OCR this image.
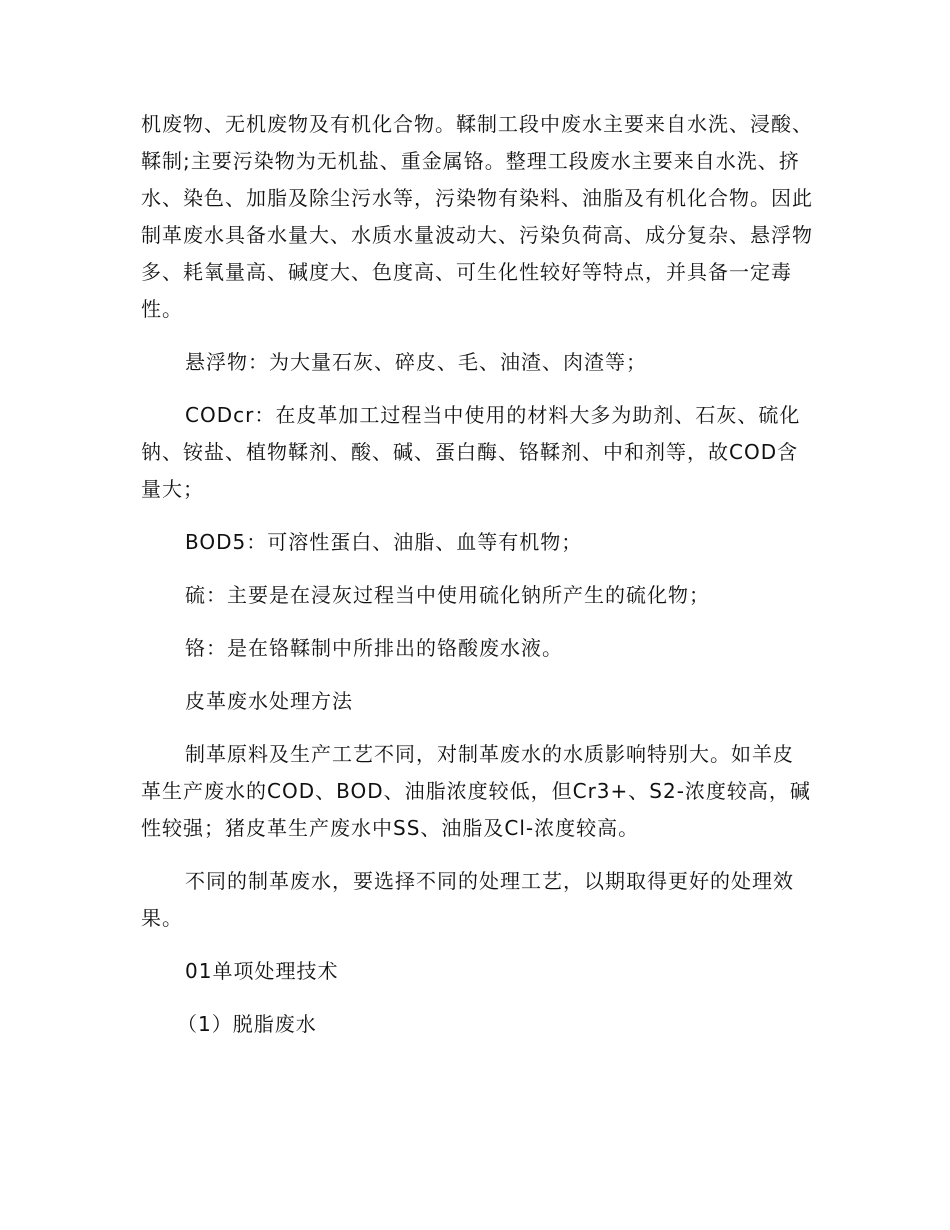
机废物、无机废物及有机化合物。鞣制工段中废水主要来自水洗、浸酸、鞣制;主要污染物为无机盐、重金属铬。整理工段废水主要来自水洗、挤水、染色、加脂及除尘污水等，污染物有染料、油脂及有机化合物。因此制革废水具备水量大、水质水量波动大、污染负荷高、成分复杂、悬浮物多、耗氧量高、碱度大、色度高、可生化性较好等特点，并具备一定毒性。

悬浮物：为大量石灰、碎皮、毛、油渣、肉渣等；

CODcr：在皮革加工过程当中使用的材料大多为助剂、石灰、硫化钠、铵盐、植物鞣剂、酸、碱、蛋白酶、铬鞣剂、中和剂等，故COD含量大；

BOD5：可溶性蛋白、油脂、血等有机物；

硫：主要是在浸灰过程当中使用硫化钠所产生的硫化物；

铬：是在铬鞣制中所排出的铬酸废水液。

皮革废水处理方法

制革原料及生产工艺不同，对制革废水的水质影响特别大。如羊皮革生产废水的COD、BOD、油脂浓度较低，但Cr3+、S2-浓度较高，碱性较强；猪皮革生产废水中SS、油脂及Cl-浓度较高。

不同的制革废水，要选择不同的处理工艺，以期取得更好的处理效果。

01单项处理技术

（1）脱脂废水
